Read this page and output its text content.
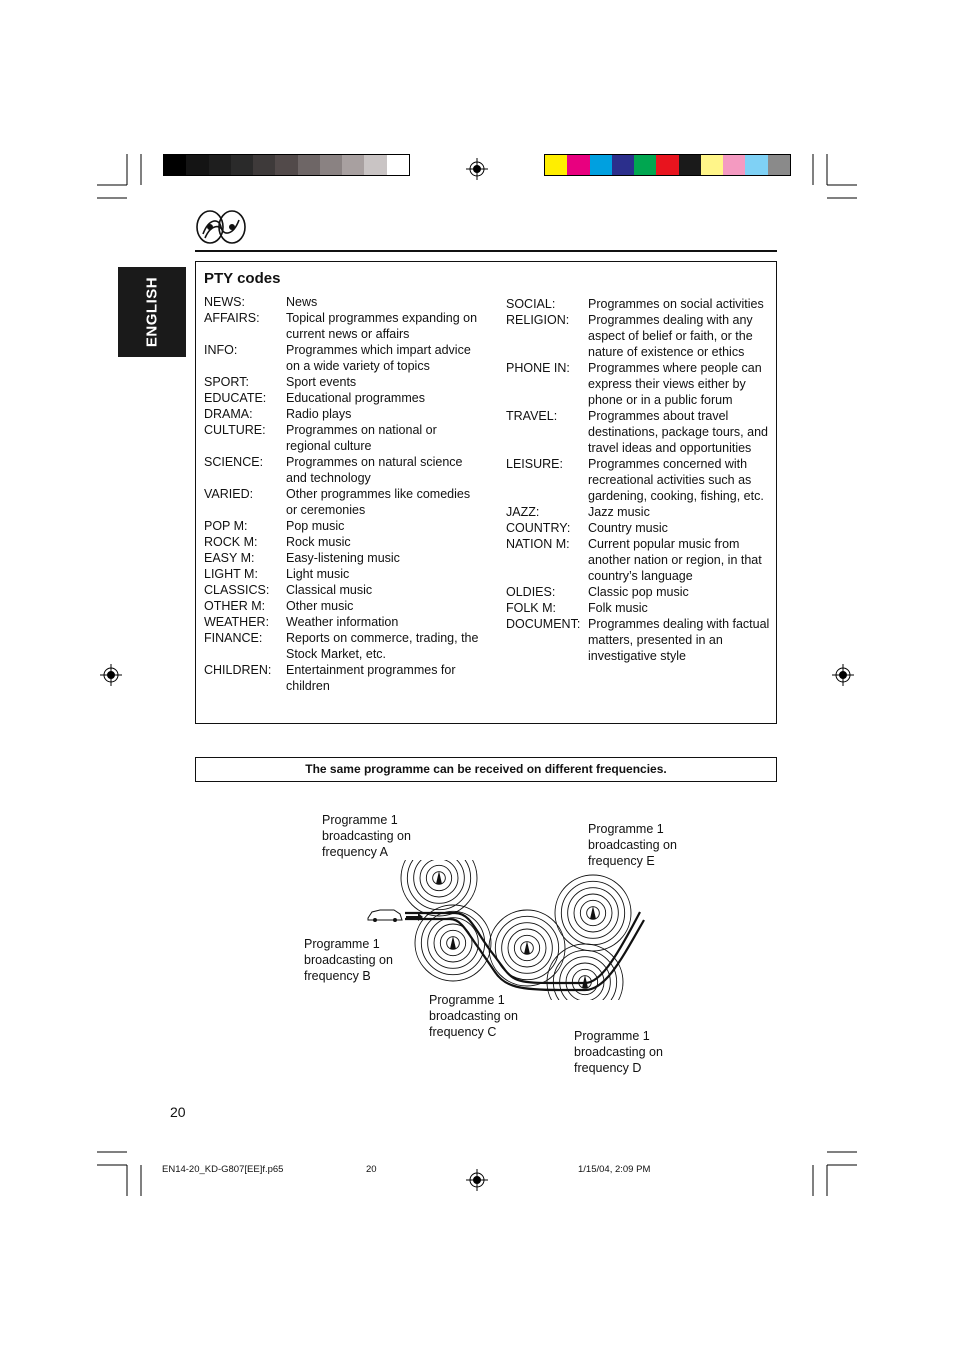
ENGLISH	PTY codes
NEWS:	News
AFFAIRS:	Topical programmes expanding on current news or affairs
INFO:	Programmes which impart advice on a wide variety of topics
SPORT:	Sport events
EDUCATE:	Educational programmes
DRAMA:	Radio plays
CULTURE:	Programmes on national or regional culture
SCIENCE:	Programmes on natural science and technology
VARIED:	Other programmes like comedies or ceremonies
POP M:	Pop music
ROCK M:	Rock music
EASY M:	Easy-listening music
LIGHT M:	Light music
CLASSICS:	Classical music
OTHER M:	Other music
WEATHER:	Weather information
FINANCE:	Reports on commerce, trading, the Stock Market, etc.
CHILDREN:	Entertainment programmes for children
SOCIAL:	Programmes on social activities
RELIGION:	Programmes dealing with any aspect of belief or faith, or the nature of existence or ethics
PHONE IN:	Programmes where people can express their views either by phone or in a public forum
TRAVEL:	Programmes about travel destinations, package tours, and travel ideas and opportunities
LEISURE:	Programmes concerned with recreational activities such as gardening, cooking, fishing, etc.
JAZZ:	Jazz music
COUNTRY:	Country music
NATION M:	Current popular music from another nation or region, in that country’s language
OLDIES:	Classic pop music
FOLK M:	Folk music
DOCUMENT: Programmes dealing with factual matters, presented in an investigative style
The same programme can be received on different frequencies.
Programme 1 broadcasting on frequency A
Programme 1 broadcasting on frequency E
Programme 1 broadcasting on frequency B
Programme 1 broadcasting on frequency C	Programme 1 broadcasting on frequency D
20
EN14-20_KD-G807[EE]f.p65	20	1/15/04, 2:09 PM
